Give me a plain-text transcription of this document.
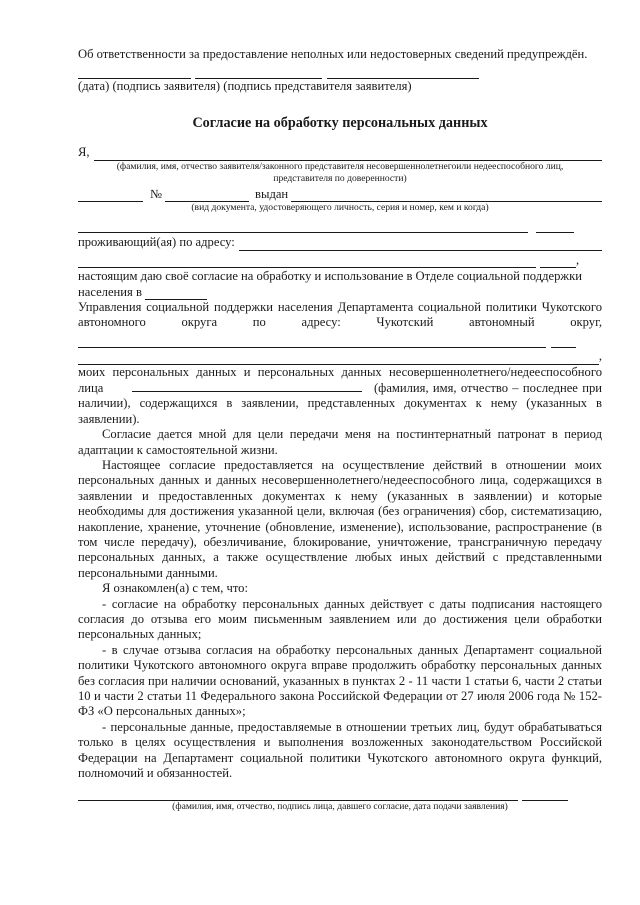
Об ответственности за предоставление неполных или недостоверных сведений предупреждён.
(дата) (подпись заявителя) (подпись представителя заявителя)
Согласие на обработку персональных данных
Я,
(фамилия, имя, отчество заявителя/законного представителя несовершеннолетнегоили недееспособного лиц, представителя по доверенности)
№	выдан
(вид документа, удостоверяющего личность, серия и номер, кем и когда)
проживающий(ая) по адресу:
,
настоящим даю своё согласие на обработку и использование в Отделе социальной поддержки
населения в
Управления социальной поддержки населения Департамента социальной политики Чукотского автономного округа по адресу: Чукотский автономный округ,
,
моих персональных данных и персональных данных несовершеннолетнего/недееспособного
лица	(фамилия, имя, отчество – последнее при наличии), содержащихся в заявлении, представленных документах к нему (указанных в заявлении).
Согласие дается мной для цели передачи меня на постинтернатный патронат в период адаптации к самостоятельной жизни.
Настоящее согласие предоставляется на осуществление действий в отношении моих персональных данных и данных несовершеннолетнего/недееспособного лица, содержащихся в заявлении и предоставленных документах к нему (указанных в заявлении) и которые необходимы для достижения указанной цели, включая (без ограничения) сбор, систематизацию, накопление, хранение, уточнение (обновление, изменение), использование, распространение (в том числе передачу), обезличивание, блокирование, уничтожение, трансграничную передачу персональных данных, а также осуществление любых иных действий с представленными персональными данными.
Я ознакомлен(а) с тем, что:
- согласие на обработку персональных данных действует с даты подписания настоящего согласия до отзыва его моим письменным заявлением или до достижения цели обработки персональных данных;
- в случае отзыва согласия на обработку персональных данных Департамент социальной политики Чукотского автономного округа вправе продолжить обработку персональных данных без согласия при наличии оснований, указанных в пунктах 2 - 11 части 1 статьи 6, части 2 статьи 10 и части 2 статьи 11 Федерального закона Российской Федерации от 27 июля 2006 года № 152-ФЗ «О персональных данных»;
- персональные данные, предоставляемые в отношении третьих лиц, будут обрабатываться только в целях осуществления и выполнения возложенных законодательством Российской Федерации на Департамент социальной политики Чукотского автономного округа функций, полномочий и обязанностей.
(фамилия, имя, отчество, подпись лица, давшего согласие, дата подачи заявления)
